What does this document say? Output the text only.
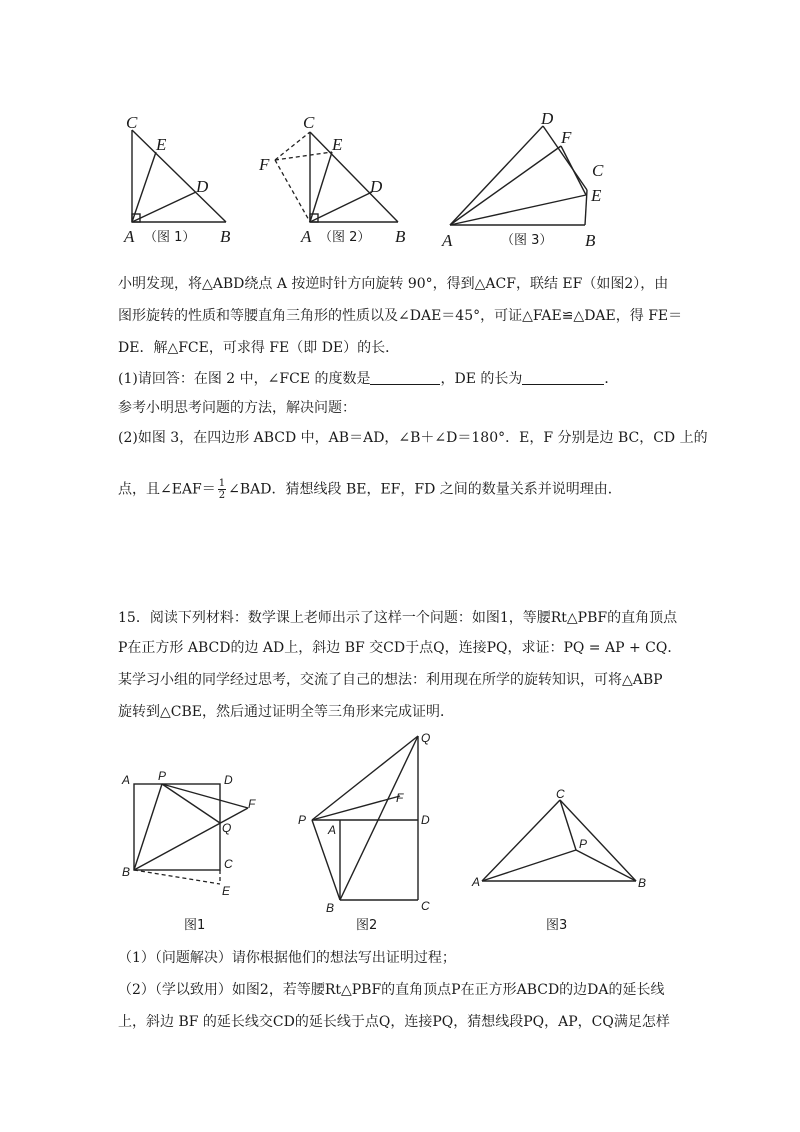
C
E
D
A	B
（图 1）
C
E
F
D
A	B
（图 2）
D
F
C
E
A	B
（图 3）
小明发现，将△ABD绕点 A 按逆时针方向旋转 90°，得到△ACF，联结 EF（如图2），由
图形旋转的性质和等腰直角三角形的性质以及∠DAE＝45°，可证△FAE≌△DAE，得 FE＝
DE．解△FCE，可求得 FE（即 DE）的长．
(1)请回答：在图 2 中，∠FCE 的度数是	，DE 的长为	．
参考小明思考问题的方法，解决问题：
(2)如图 3，在四边形 ABCD 中，AB＝AD，∠B＋∠D＝180°．E，F 分别是边 BC，CD 上的
点，且∠EAF＝ $\frac{1}{2}$ ∠BAD．猜想线段 BE，EF，FD 之间的数量关系并说明理由．
15．阅读下列材料：数学课上老师出示了这样一个问题：如图1，等腰Rt△PBF的直角顶点
P在正方形 ABCD的边 AD上，斜边 BF 交CD于点Q，连接PQ，求证：PQ = AP + CQ．
某学习小组的同学经过思考，交流了自己的想法：利用现在所学的旋转知识，可将△ABP
旋转到△CBE，然后通过证明全等三角形来完成证明．
A P	D
F
Q
B
C
E
图1
Q
F
P
A
D
B	C
图2
C
P
A	B
图3
（1）（问题解决）请你根据他们的想法写出证明过程；
（2）（学以致用）如图2，若等腰Rt△PBF的直角顶点P在正方形ABCD的边DA的延长线
上，斜边 BF 的延长线交CD的延长线于点Q，连接PQ，猜想线段PQ，AP，CQ满足怎样
